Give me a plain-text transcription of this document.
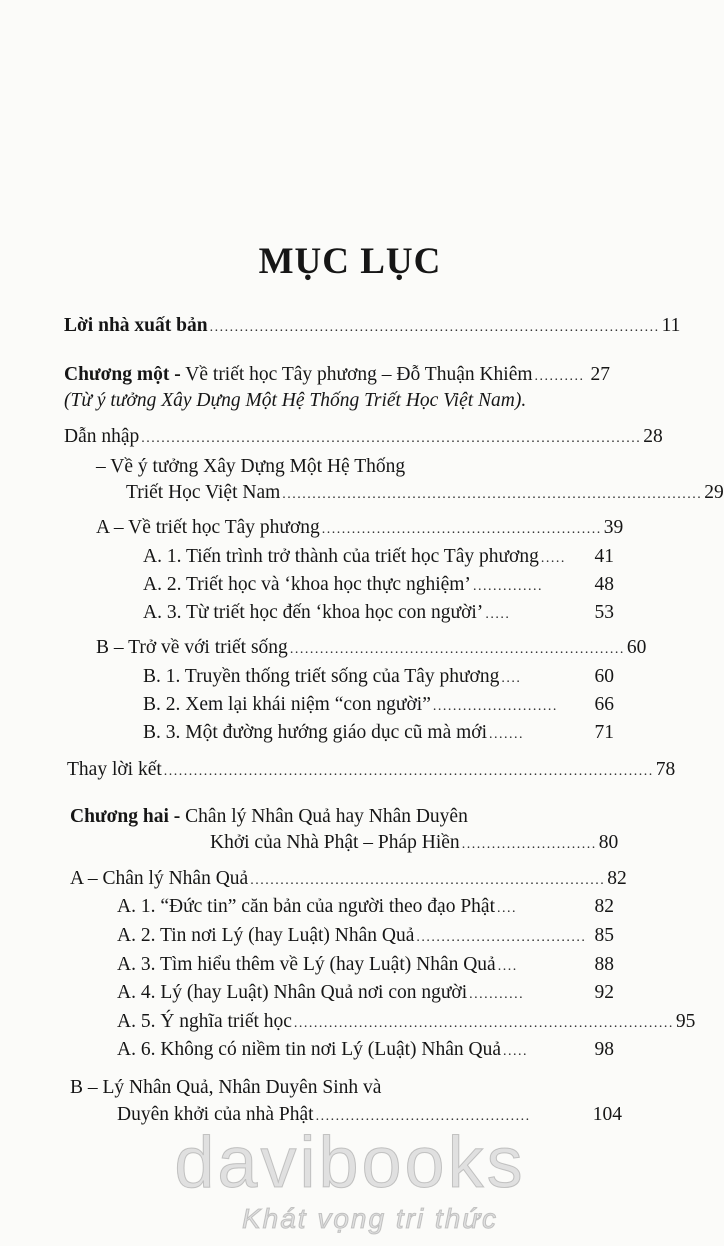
MỤC LỤC
Lời nhà xuất bản .......................................................................................... 11
Chương một - Về triết học Tây phương – Đỗ Thuận Khiêm .......... 27
(Từ ý tưởng Xây Dựng Một Hệ Thống Triết Học Việt Nam).
Dẫn nhập .................................................................................................... 28
– Về ý tưởng Xây Dựng Một Hệ Thống
Triết Học Việt Nam .................................................................................... 29
A – Về triết học Tây phương ........................................................ 39
A. 1. Tiến trình trở thành của triết học Tây phương .....	41
A. 2. Triết học và ‘khoa học thực nghiệm’ ..............	48
A. 3. Từ triết học đến ‘khoa học con người’ .....	53
B – Trở về với triết sống ................................................................... 60
B. 1. Truyền thống triết sống của Tây phương ....	60
B. 2. Xem lại khái niệm “con người” .........................	66
B. 3. Một đường hướng giáo dục cũ mà mới .......	71
Thay lời kết .................................................................................................. 78
Chương hai - Chân lý Nhân Quả hay Nhân Duyên
Khởi của Nhà Phật – Pháp Hiền ........................... 80
A – Chân lý Nhân Quả ....................................................................... 82
A. 1. “Đức tin” căn bản của người theo đạo Phật ....	82
A. 2. Tin nơi Lý (hay Luật) Nhân Quả .................................. 85
A. 3. Tìm hiểu thêm về Lý (hay Luật) Nhân Quả ....	88
A. 4. Lý (hay Luật) Nhân Quả nơi con người ...........	92
A. 5. Ý nghĩa triết học ............................................................................ 95
A. 6. Không có niềm tin nơi Lý (Luật) Nhân Quả .....	98
B – Lý Nhân Quả, Nhân Duyên Sinh và
Duyên khởi của nhà Phật ...........................................	104
davibooks
Khát vọng tri thức
